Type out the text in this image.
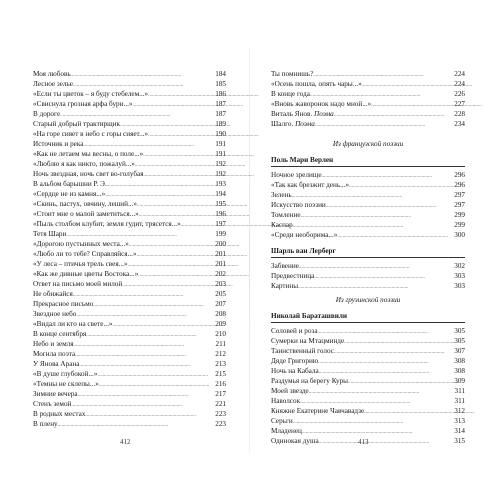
Моя любовь . . .	184
Лесное зелье . . .	185
«Если ты цветок – я буду стебелем...» . . .	186
«Свиснула грозная арфа бури...» . . .	187
В дороге . . .	187
Старый добрый трактирщик . . .	189
«На горе сияет в небо с горы сияет...» . . .	190
Источник и река . . .	191
«Как не летаем мы весны, о поле...» . . .	191
«Люблю я как никто, пожалуй...» . . .	192
Ночь звездная, ночь свет во-голубая . . .	192
В альбом барышни Р. Э. . . .	193
«Сердце не из камня...» . . .	194
«Скинь, пастух, овчину, леший...» . . .	195
«Стоит мне о малой заметиться...» . . .	196
«Пыль столбом клубит, земля гудит, трясется...» . . .	197
Тетя Шари . . .	199
«Дорогою пустынных места...» . . .	200
«Любо ли то тебе? Справляйся...» . . .	201
«У леса – птичья трель свея...» . . .	201
«Как же дивные цветы Востока...» . . .	202
Ответ на письмо моей милой . . .	203
Не обижайся . . .	205
Прекрасное письмо . . .	207
Звездное небо . . .	208
«Видал ли кто на свете...» . . .	209
В конце сентября . . .	210
Небо и земля . . .	211
Могила поэта . . .	212
У Янова Арана . . .	213
«В душе глубокой...» . . .	215
«Темны не склепы...» . . .	216
Зимние вечера . . .	217
Стенъ земой . . .	221
В родных местах . . .	223
В плену . . .	223
412
Ты помнишь? . . .	224
«Осень пошла, опять чары...» . . .	224
В конце года . . .	226
«Вновь жаворонок надо мной...» . . .	227
Виталь Янов. Поэма . . .	228
Шалго. Поэма . . .	234
Из французской поэзии
Поль Мари Верлен
Ночное зрелище . . .	296
«Так как брезжит день...» . . .	296
Зелень . . .	297
Искусство поэзии . . .	297
Томление . . .	299
Каспар . . .	299
«Среди необорима...» . . .	300
Шарль ван Лерберг
Забвение . . .	302
Предвестница . . .	303
Картины . . .	303
Из грузинской поэзии
Николай Бараташвили
Соловей и роза . . .	305
Сумерки на Мтацминде . . .	305
Таинственный голос . . .	307
Дяде Григорию . . .	308
Ночь на Кабала . . .	308
Раздумья на берегу Куры . . .	309
Моей звезде . . .	311
Наволсок . . .	311
Княжне Екатерине Чавчавадзе . . .	312
Серьги . . .	313
Младенец . . .	314
Одинокая душа . . .	315
413
